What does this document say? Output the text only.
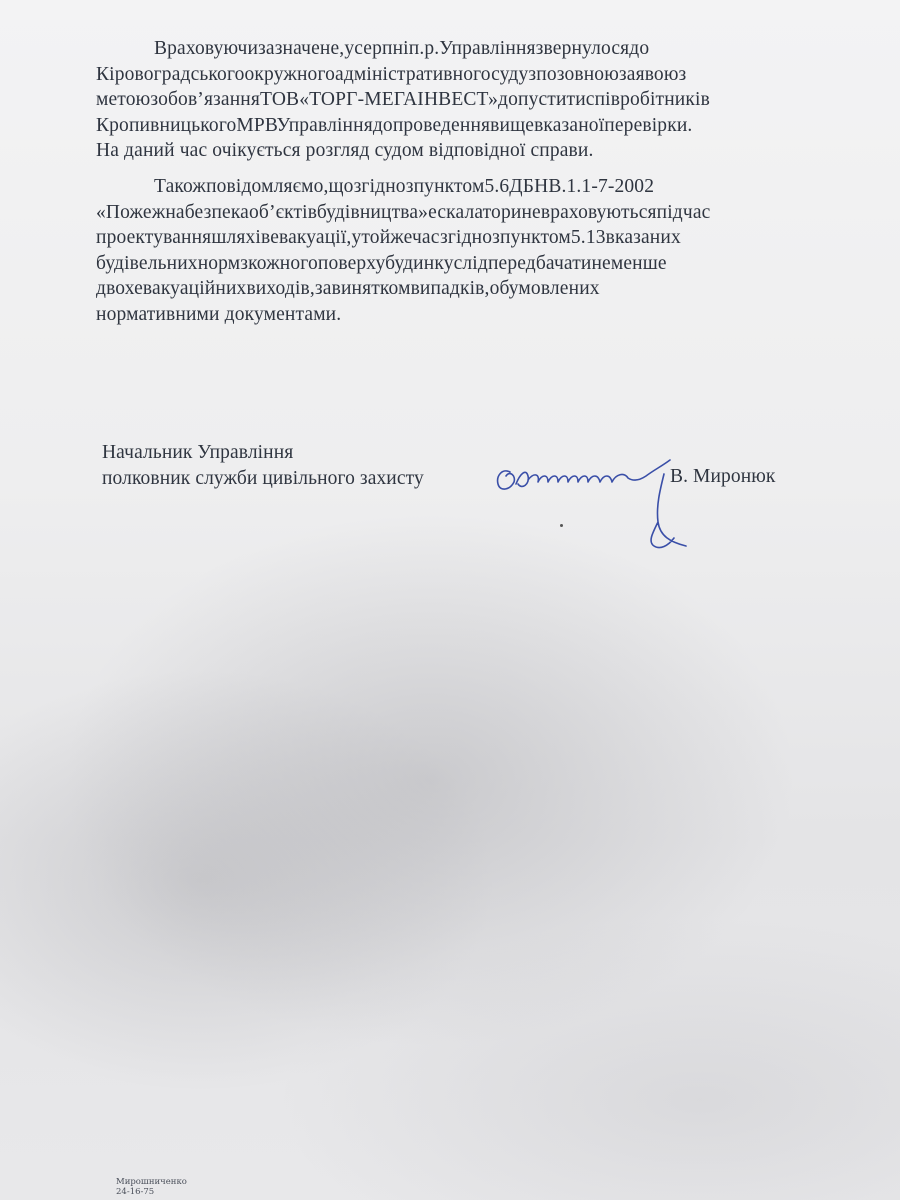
Враховуючизазначене,усерпніп.р.Управліннязвернулосядо
Кіровоградськогоокружногоадміністративногосудузпозовноюзаявоюз
метоюзобов’язанняТОВ«ТОРГ-МЕГАІНВЕСТ»допуститиспівробітників
КропивницькогоМРВУправліннядопроведеннявищевказаноїперевірки.
На даний час очікується розгляд судом відповідної справи.
Такожповідомляємо,щозгіднозпунктом5.6ДБНВ.1.1-7-2002
«Пожежнабезпекаоб’єктівбудівництва»ескалаториневраховуютьсяпідчас
проектуванняшляхівевакуації,утойжечасзгіднозпунктом5.13вказаних
будівельнихнормзкожногоповерхубудинкуслідпередбачатинеменше
двохевакуаційнихвиходів,завиняткомвипадків,обумовлених
нормативними документами.
Начальник Управління
полковник служби цивільного захисту	В. Миронюк
Мирошниченко
24-16-75
